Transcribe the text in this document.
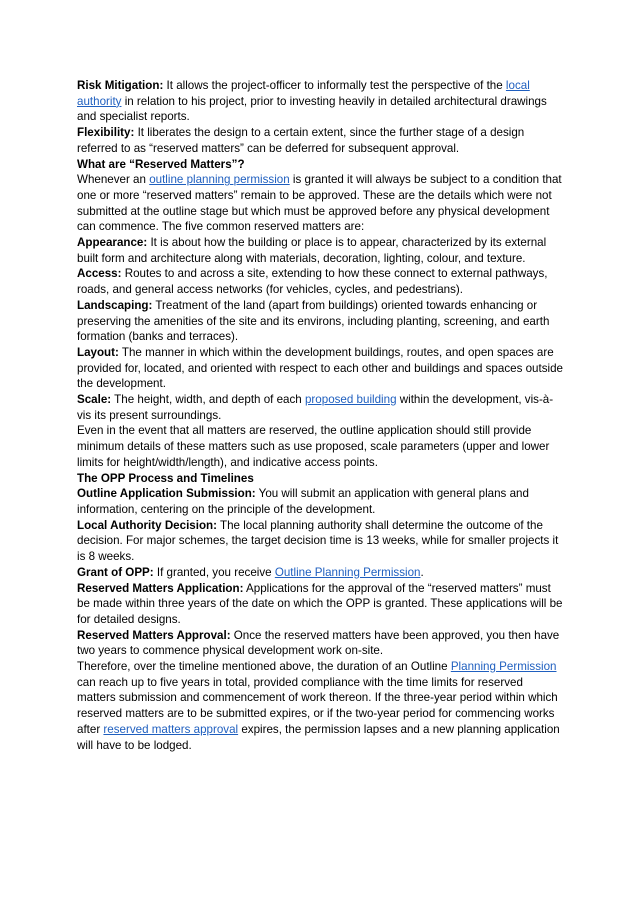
Risk Mitigation: It allows the project-officer to informally test the perspective of the local authority in relation to his project, prior to investing heavily in detailed architectural drawings and specialist reports.

Flexibility: It liberates the design to a certain extent, since the further stage of a design referred to as “reserved matters” can be deferred for subsequent approval.

What are “Reserved Matters”?

Whenever an outline planning permission is granted it will always be subject to a condition that one or more “reserved matters” remain to be approved. These are the details which were not submitted at the outline stage but which must be approved before any physical development can commence. The five common reserved matters are:

Appearance: It is about how the building or place is to appear, characterized by its external built form and architecture along with materials, decoration, lighting, colour, and texture.

Access: Routes to and across a site, extending to how these connect to external pathways, roads, and general access networks (for vehicles, cycles, and pedestrians).

Landscaping: Treatment of the land (apart from buildings) oriented towards enhancing or preserving the amenities of the site and its environs, including planting, screening, and earth formation (banks and terraces).

Layout: The manner in which within the development buildings, routes, and open spaces are provided for, located, and oriented with respect to each other and buildings and spaces outside the development.

Scale: The height, width, and depth of each proposed building within the development, vis-à-vis its present surroundings.

Even in the event that all matters are reserved, the outline application should still provide minimum details of these matters such as use proposed, scale parameters (upper and lower limits for height/width/length), and indicative access points.

The OPP Process and Timelines

Outline Application Submission: You will submit an application with general plans and information, centering on the principle of the development.

Local Authority Decision: The local planning authority shall determine the outcome of the decision. For major schemes, the target decision time is 13 weeks, while for smaller projects it is 8 weeks.

Grant of OPP: If granted, you receive Outline Planning Permission.

Reserved Matters Application: Applications for the approval of the “reserved matters” must be made within three years of the date on which the OPP is granted. These applications will be for detailed designs.

Reserved Matters Approval: Once the reserved matters have been approved, you then have two years to commence physical development work on-site.

Therefore, over the timeline mentioned above, the duration of an Outline Planning Permission can reach up to five years in total, provided compliance with the time limits for reserved matters submission and commencement of work thereon. If the three-year period within which reserved matters are to be submitted expires, or if the two-year period for commencing works after reserved matters approval expires, the permission lapses and a new planning application will have to be lodged.
